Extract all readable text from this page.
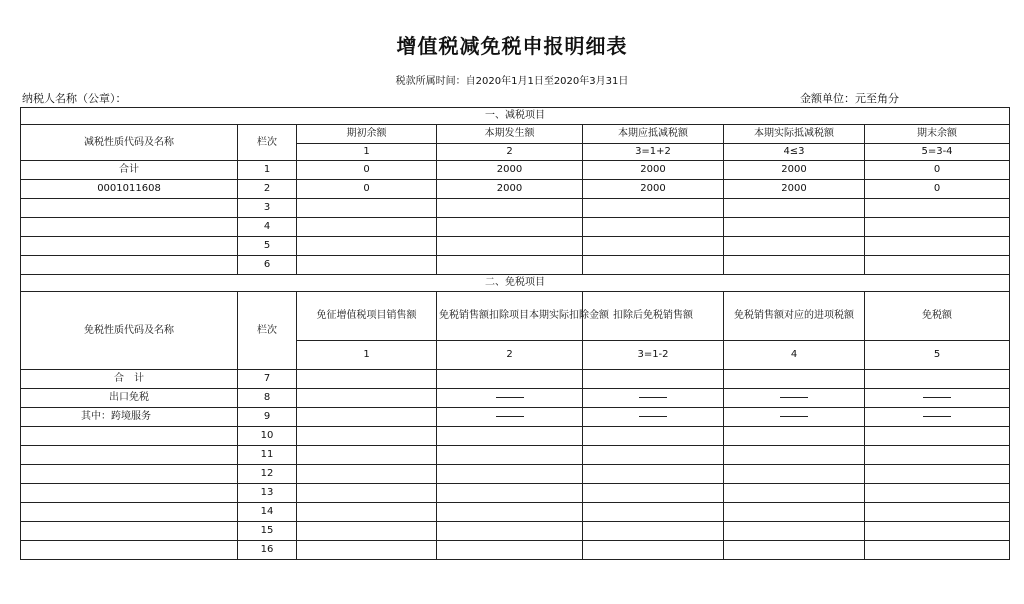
增值税减免税申报明细表
税款所属时间：自2020年1月1日至2020年3月31日
纳税人名称（公章）：	金额单位：元至角分
一、减税项目						
减税性质代码及名称	栏次	期初余额	本期发生额	本期应抵减税额	本期实际抵减税额	期末余额
		1	2	3=1+2	4≤3	5=3-4
合计	1	0	2000	2000	2000	0
0001011608	2	0	2000	2000	2000	0
	3					
	4					
	5					
	6					
二、免税项目						
免税性质代码及名称	栏次	免征增值税项目销售额	免税销售额扣除项目本期实际扣除金额	扣除后免税销售额	免税销售额对应的进项税额	免税额
		1	2	3=1-2	4	5
合　计	7					
出口免税	8					
其中：跨境服务	9					
	10					
	11					
	12					
	13					
	14					
	15					
	16					
